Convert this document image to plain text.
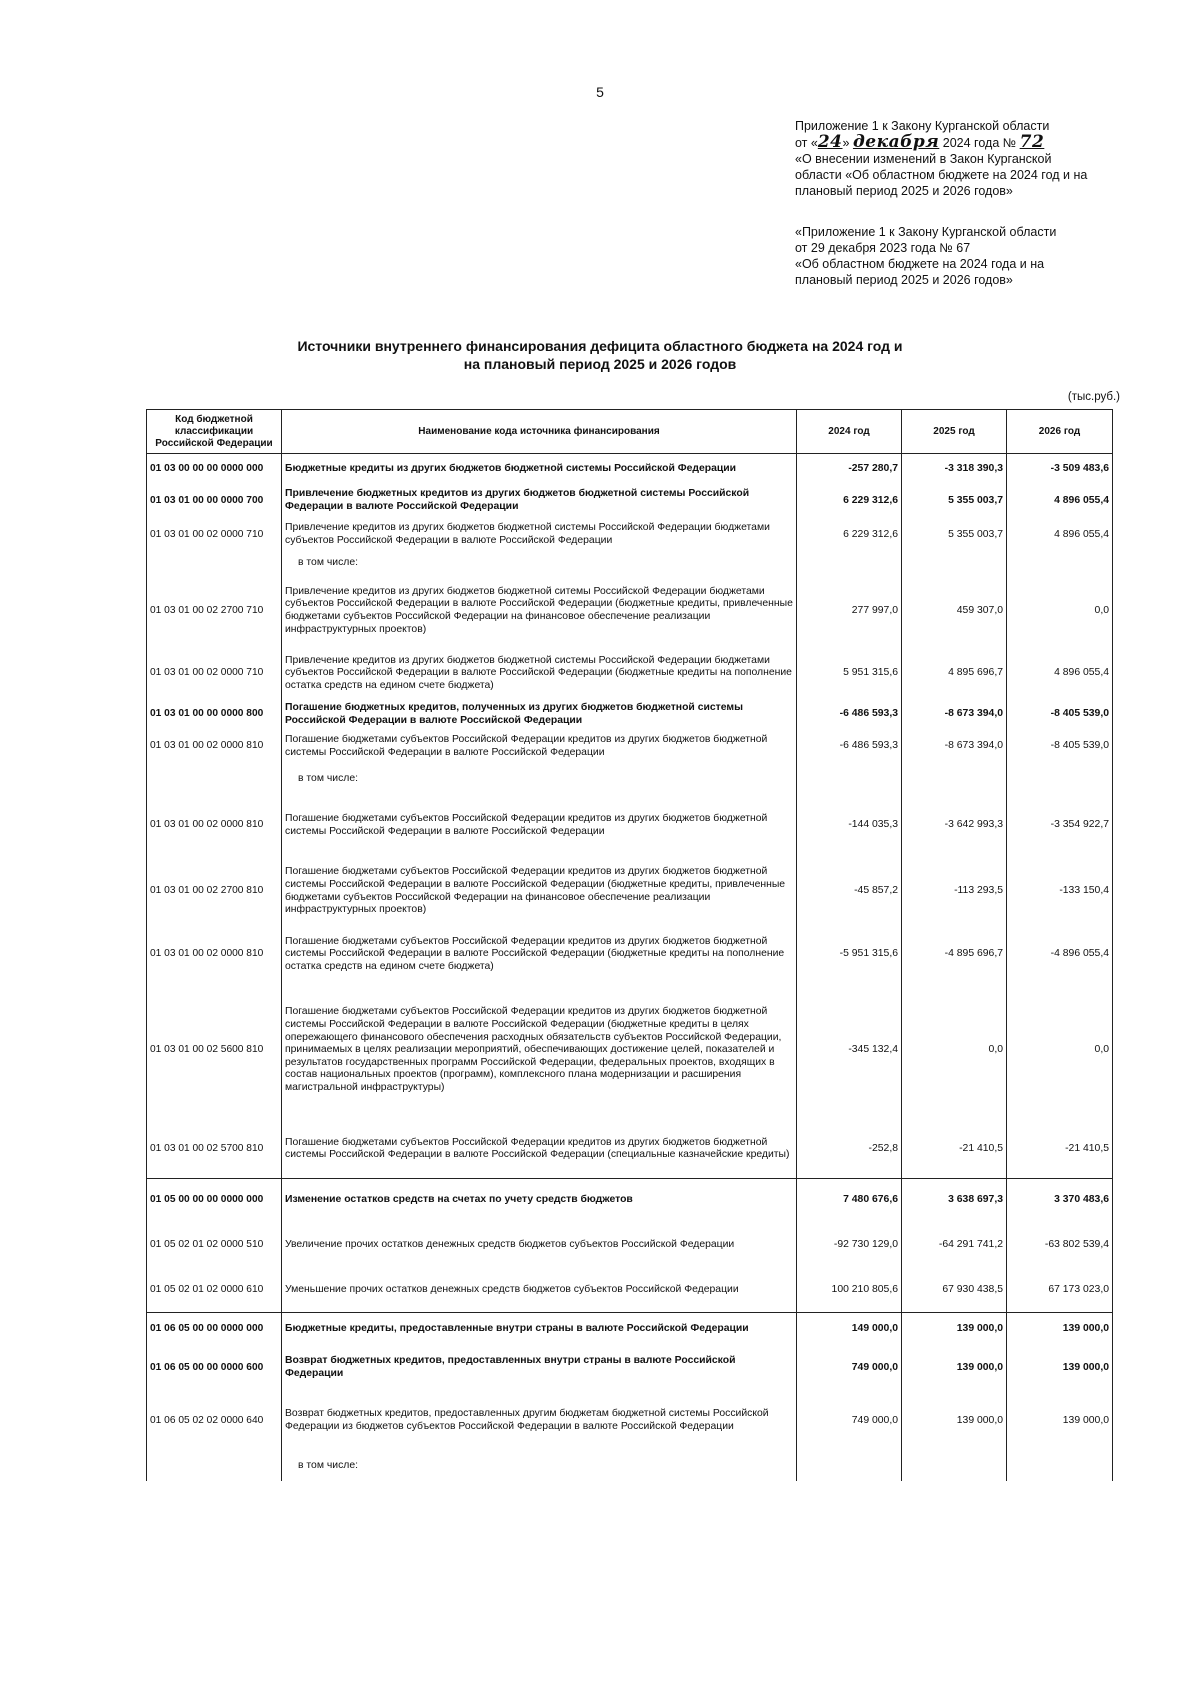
5
Приложение 1 к Закону Курганской области
от «24» декабря 2024 года № 72
«О внесении изменений в Закон Курганской
области «Об областном бюджете на 2024 год и на
плановый период 2025 и 2026 годов»
«Приложение 1 к Закону Курганской области
от 29 декабря 2023 года № 67
«Об областном бюджете на 2024 года и на
плановый период 2025 и 2026 годов»
Источники внутреннего финансирования дефицита областного бюджета на 2024 год и
на плановый период 2025 и 2026 годов
(тыс.руб.)
Код бюджетной классификации Российской Федерации	Наименование кода источника финансирования	2024 год	2025 год	2026 год
01 03 00 00 00 0000 000	Бюджетные кредиты из других бюджетов бюджетной системы Российской Федерации	-257 280,7	-3 318 390,3	-3 509 483,6
01 03 01 00 00 0000 700	Привлечение бюджетных кредитов из других бюджетов бюджетной системы Российской Федерации в валюте Российской Федерации	6 229 312,6	5 355 003,7	4 896 055,4
01 03 01 00 02 0000 710	Привлечение кредитов из других бюджетов бюджетной системы Российской Федерации бюджетами субъектов Российской Федерации в валюте Российской Федерации	6 229 312,6	5 355 003,7	4 896 055,4
	в том числе:			
01 03 01 00 02 2700 710	Привлечение кредитов из других бюджетов бюджетной ситемы Российской Федерации бюджетами субъектов Российской Федерации в валюте Российской Федерации (бюджетные кредиты, привлеченные бюджетами субъектов Российской Федерации на финансовое обеспечение реализации инфраструктурных проектов)	277 997,0	459 307,0	0,0
01 03 01 00 02 0000 710	Привлечение кредитов из других бюджетов бюджетной системы Российской Федерации бюджетами субъектов Российской Федерации в валюте Российской Федерации (бюджетные кредиты на пополнение остатка средств на едином счете бюджета)	5 951 315,6	4 895 696,7	4 896 055,4
01 03 01 00 00 0000 800	Погашение бюджетных кредитов, полученных из других бюджетов бюджетной системы Российской Федерации в валюте Российской Федерации	-6 486 593,3	-8 673 394,0	-8 405 539,0
01 03 01 00 02 0000 810	Погашение бюджетами субъектов Российской Федерации кредитов из других бюджетов бюджетной системы Российской Федерации в валюте Российской Федерации	-6 486 593,3	-8 673 394,0	-8 405 539,0
	в том числе:			
01 03 01 00 02 0000 810	Погашение бюджетами субъектов Российской Федерации кредитов из других бюджетов бюджетной системы Российской Федерации в валюте Российской Федерации	-144 035,3	-3 642 993,3	-3 354 922,7
01 03 01 00 02 2700 810	Погашение бюджетами субъектов Российской Федерации кредитов из других бюджетов бюджетной системы Российской Федерации в валюте Российской Федерации (бюджетные кредиты, привлеченные бюджетами субъектов Российской Федерации на финансовое обеспечение реализации инфраструктурных проектов)	-45 857,2	-113 293,5	-133 150,4
01 03 01 00 02 0000 810	Погашение бюджетами субъектов Российской Федерации кредитов из других бюджетов бюджетной системы Российской Федерации в валюте Российской Федерации (бюджетные кредиты на пополнение остатка средств на едином счете бюджета)	-5 951 315,6	-4 895 696,7	-4 896 055,4
01 03 01 00 02 5600 810	Погашение бюджетами субъектов Российской Федерации кредитов из других бюджетов бюджетной системы Российской Федерации в валюте Российской Федерации (бюджетные кредиты в целях опережающего финансового обеспечения расходных обязательств субъектов Российской Федерации, принимаемых в целях реализации мероприятий, обеспечивающих достижение целей, показателей и результатов государственных программ Российской Федерации, федеральных проектов, входящих в состав национальных проектов (программ), комплексного плана модернизации и расширения магистральной инфраструктуры)	-345 132,4	0,0	0,0
01 03 01 00 02 5700 810	Погашение бюджетами субъектов Российской Федерации кредитов из других бюджетов бюджетной системы Российской Федерации в валюте Российской Федерации (специальные казначейские кредиты)	-252,8	-21 410,5	-21 410,5
01 05 00 00 00 0000 000	Изменение остатков средств на счетах по учету средств бюджетов	7 480 676,6	3 638 697,3	3 370 483,6
01 05 02 01 02 0000 510	Увеличение прочих остатков денежных средств бюджетов субъектов Российской Федерации	-92 730 129,0	-64 291 741,2	-63 802 539,4
01 05 02 01 02 0000 610	Уменьшение прочих остатков денежных средств бюджетов субъектов Российской Федерации	100 210 805,6	67 930 438,5	67 173 023,0
01 06 05 00 00 0000 000	Бюджетные кредиты, предоставленные внутри страны в валюте Российской Федерации	149 000,0	139 000,0	139 000,0
01 06 05 00 00 0000 600	Возврат бюджетных кредитов, предоставленных внутри страны в валюте Российской Федерации	749 000,0	139 000,0	139 000,0
01 06 05 02 02 0000 640	Возврат бюджетных кредитов, предоставленных другим бюджетам бюджетной системы Российской Федерации из бюджетов субъектов Российской Федерации в валюте Российской Федерации	749 000,0	139 000,0	139 000,0
	в том числе:			
